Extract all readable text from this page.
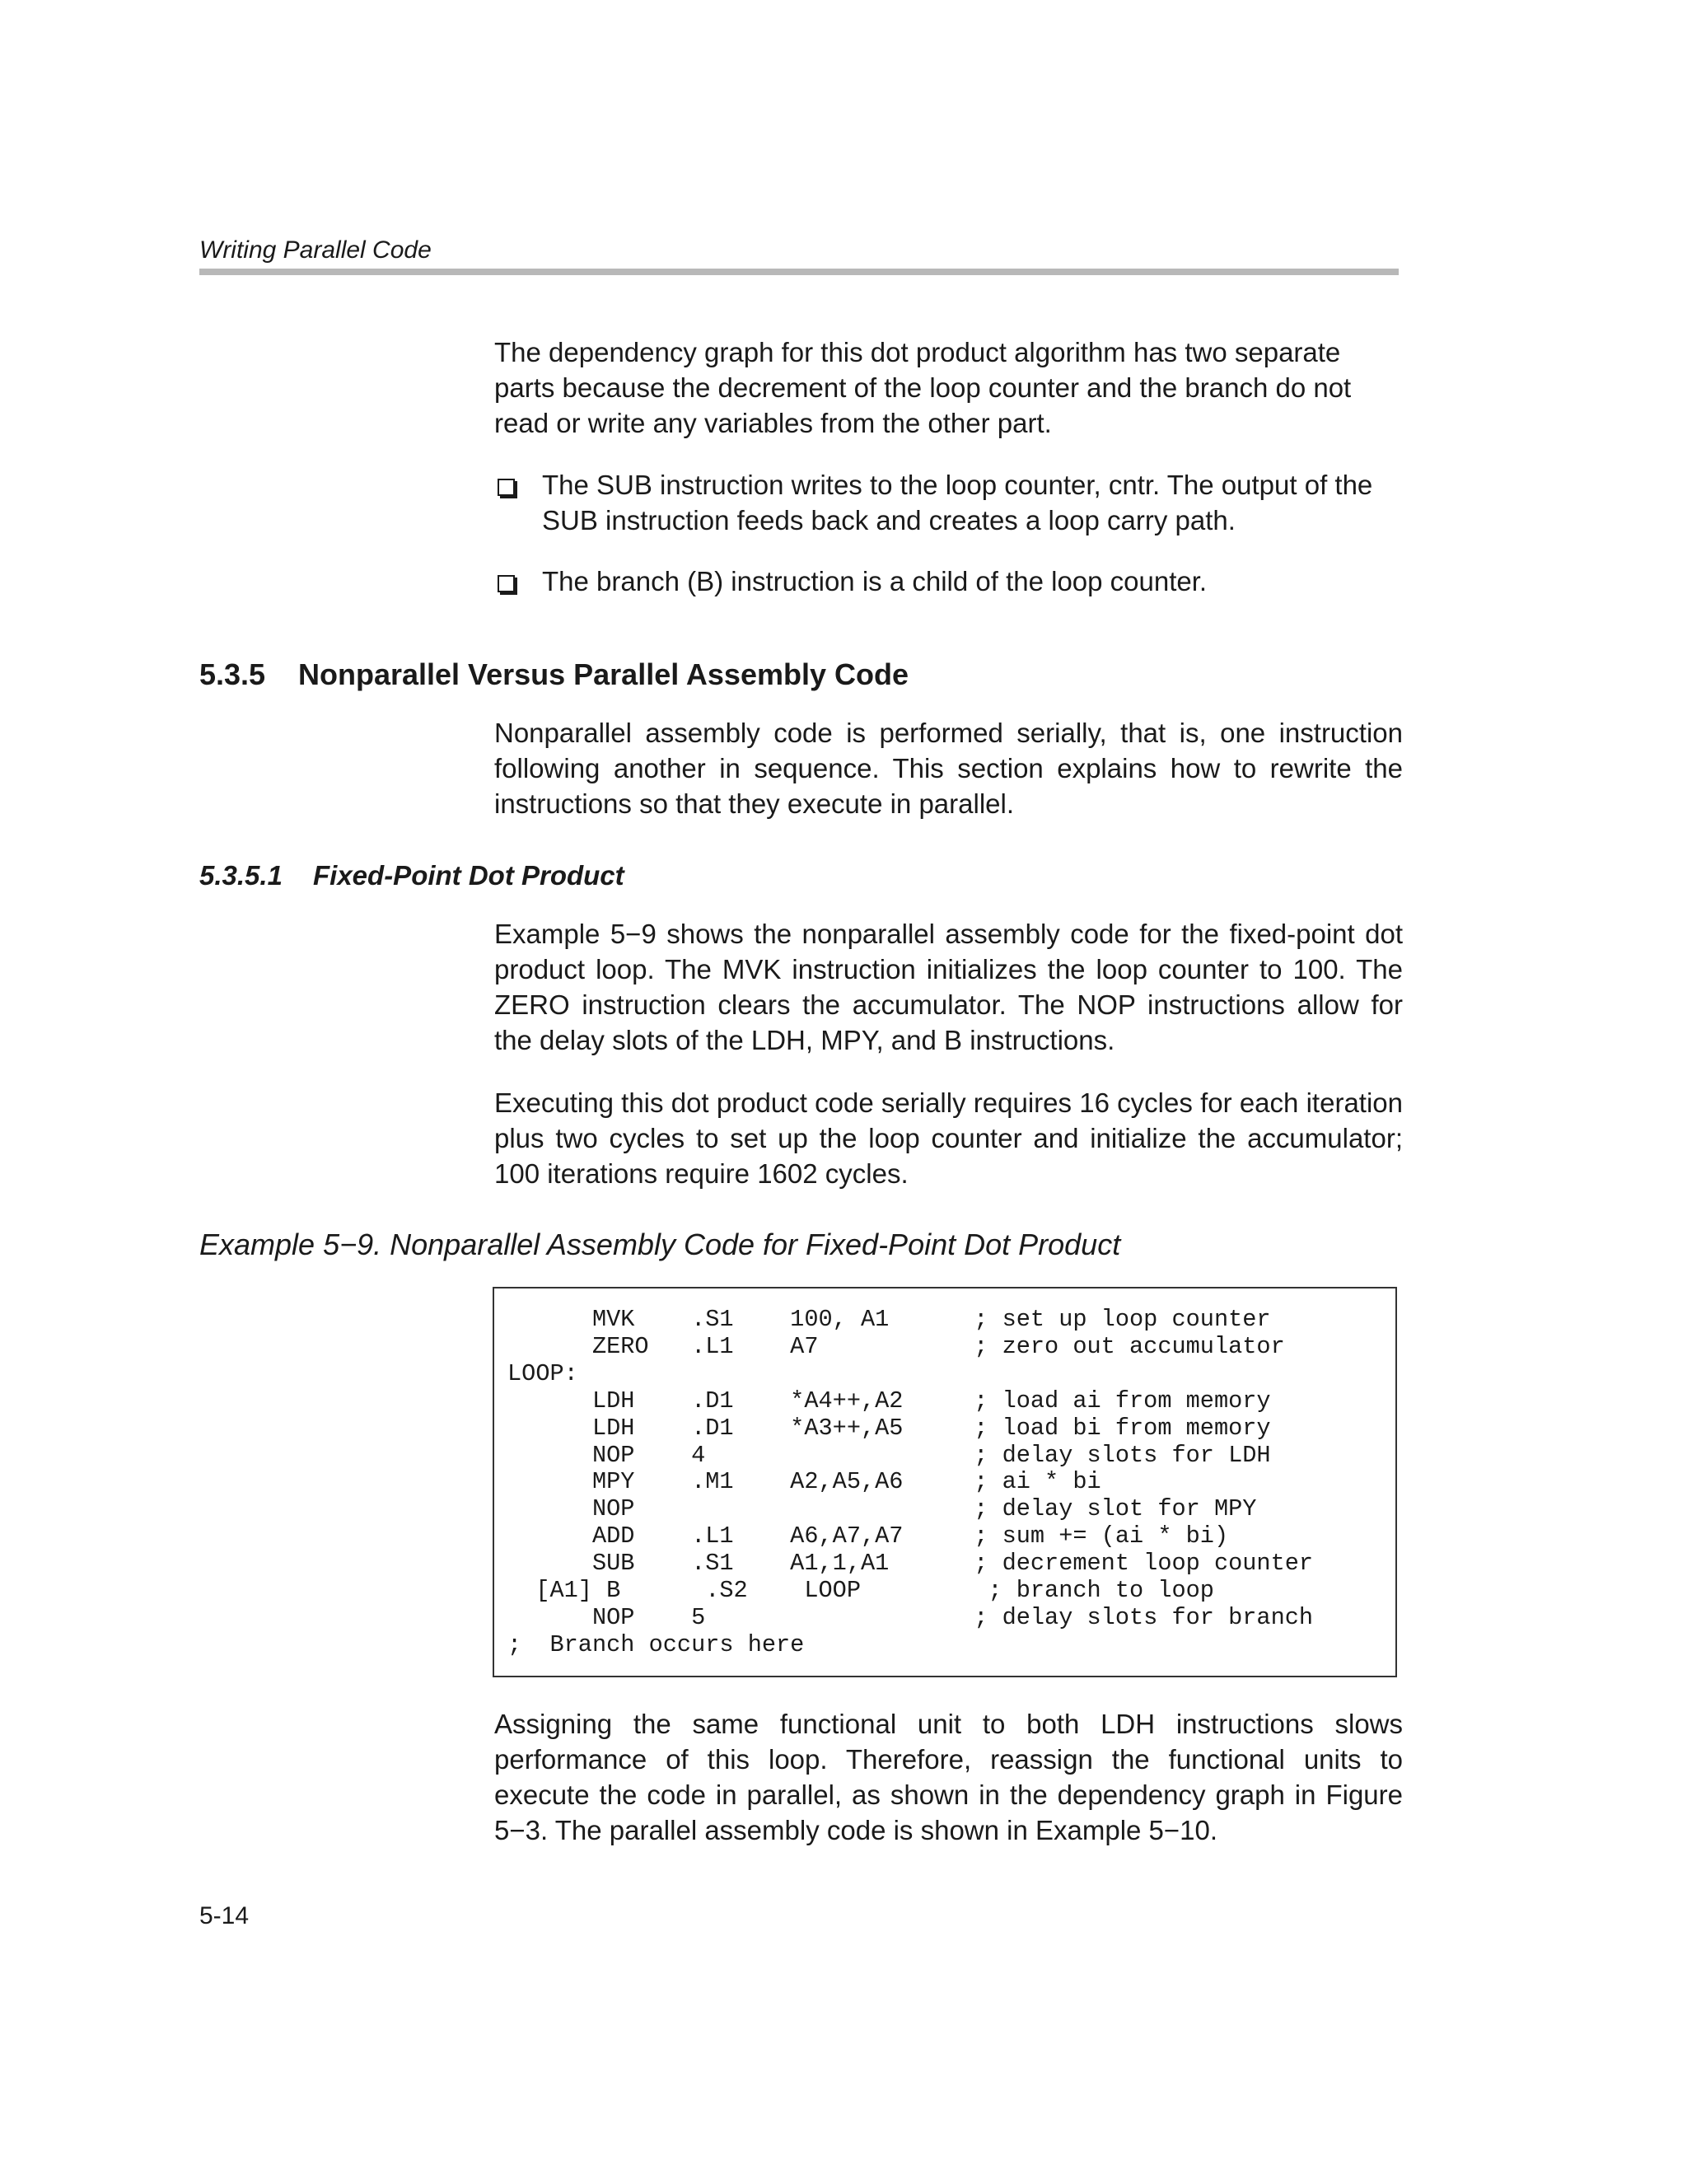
Writing Parallel Code
The dependency graph for this dot product algorithm has two separate parts because the decrement of the loop counter and the branch do not read or write any variables from the other part.
The SUB instruction writes to the loop counter, cntr. The output of the SUB instruction feeds back and creates a loop carry path.
The branch (B) instruction is a child of the loop counter.
5.3.5 Nonparallel Versus Parallel Assembly Code
Nonparallel assembly code is performed serially, that is, one instruction following another in sequence. This section explains how to rewrite the instructions so that they execute in parallel.
5.3.5.1 Fixed-Point Dot Product
Example 5−9 shows the nonparallel assembly code for the fixed-point dot product loop. The MVK instruction initializes the loop counter to 100. The ZERO instruction clears the accumulator. The NOP instructions allow for the delay slots of the LDH, MPY, and B instructions.
Executing this dot product code serially requires 16 cycles for each iteration plus two cycles to set up the loop counter and initialize the accumulator; 100 iterations require 1602 cycles.
Example 5−9. Nonparallel Assembly Code for Fixed-Point Dot Product
MVK    .S1    100, A1      ; set up loop counter
ZERO   .L1    A7           ; zero out accumulator
LOOP:
LDH    .D1    *A4++,A2     ; load ai from memory
LDH    .D1    *A3++,A5     ; load bi from memory
NOP    4                   ; delay slots for LDH
MPY    .M1    A2,A5,A6     ; ai * bi
NOP                        ; delay slot for MPY
ADD    .L1    A6,A7,A7     ; sum += (ai * bi)
SUB    .S1    A1,1,A1      ; decrement loop counter
[A1] B      .S2    LOOP         ; branch to loop
NOP    5                   ; delay slots for branch
;  Branch occurs here
Assigning the same functional unit to both LDH instructions slows performance of this loop. Therefore, reassign the functional units to execute the code in parallel, as shown in the dependency graph in Figure 5−3. The parallel assembly code is shown in Example 5−10.
5-14
